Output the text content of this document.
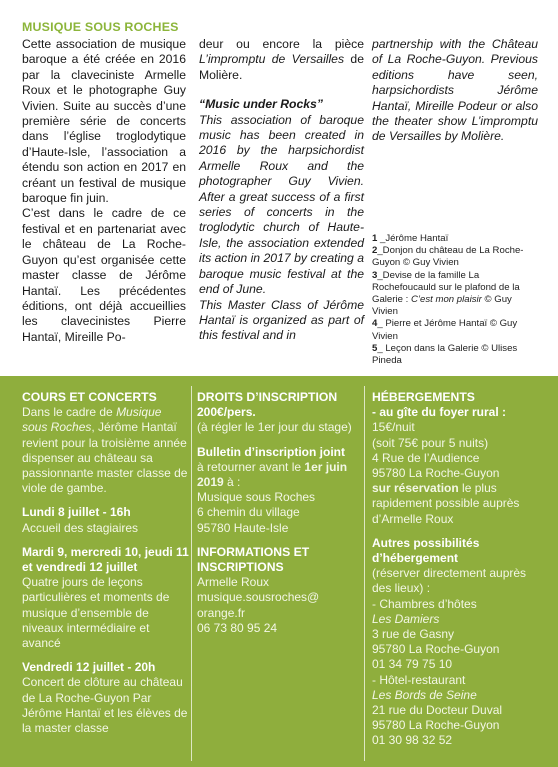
MUSIQUE SOUS ROCHES

Cette association de musique baroque a été créée en 2016 par la claveciniste Armelle Roux et le photographe Guy Vivien. Suite au succès d’une première série de concerts dans l’église troglodytique d’Haute-Isle, l’association a étendu son action en 2017 en créant un festival de musique baroque fin juin.

C’est dans le cadre de ce festival et en partenariat avec le château de La Roche-Guyon qu’est organisée cette master classe de Jérôme Hantaï. Les précédentes éditions, ont déjà accueillies les clavecinistes Pierre Hantaï, Mireille Po-

deur ou encore la pièce L’impromptu de Versailles de Molière.

“Music under Rocks”

This association of baroque music has been created in 2016 by the harpsichordist Armelle Roux and the photographer Guy Vivien. After a great success of a first series of concerts in the troglodytic church of Haute-Isle, the association extended its action in 2017 by creating a baroque music festival at the end of June.

This Master Class of Jérôme Hantaï is organized as part of this festival and in

partnership with the Château of La Roche-Guyon. Previous editions have seen, harpsichordists Jérôme Hantaï, Mireille Podeur or also the theater show L’impromptu de Versailles by Molière.

1 _Jérôme Hantaï

2_Donjon du château de La Roche-Guyon © Guy Vivien

3_Devise de la famille La Rochefoucauld sur le plafond de la Galerie : C’est mon plaisir © Guy Vivien

4_ Pierre et Jérôme Hantaï © Guy Vivien

5_ Leçon dans la Galerie © Ulises Pineda

COURS ET CONCERTS
Dans le cadre de Musique sous Roches, Jérôme Hantaï revient pour la troisième année dispenser au château sa passionnante master classe de viole de gambe.
Lundi 8 juillet - 16h
Accueil des stagiaires
Mardi 9, mercredi 10, jeudi 11 et vendredi 12 juillet
Quatre jours de leçons particulières et moments de musique d’ensemble de niveaux intermédiaire et avancé
Vendredi 12 juillet - 20h
Concert de clôture au château de La Roche-Guyon Par Jérôme Hantaï et les élèves de la master classe
DROITS D’INSCRIPTION
200€/pers.
(à régler le 1er jour du stage)
Bulletin d’inscription joint
à retourner avant le 1er juin 2019 à :
Musique sous Roches
6 chemin du village
95780 Haute-Isle
INFORMATIONS ET INSCRIPTIONS
Armelle Roux
musique.sousroches@
orange.fr
06 73 80 95 24
HÉBERGEMENTS
- au gîte du foyer rural :
15€/nuit
(soit 75€ pour 5 nuits)
4 Rue de l’Audience
95780 La Roche-Guyon
sur réservation le plus rapidement possible auprès d’Armelle Roux
Autres possibilités d’hébergement
(réserver directement auprès des lieux) :
- Chambres d’hôtes
Les Damiers
3 rue de Gasny
95780 La Roche-Guyon
01 34 79 75 10
- Hôtel-restaurant
Les Bords de Seine
21 rue du Docteur Duval
95780 La Roche-Guyon
01 30 98 32 52
